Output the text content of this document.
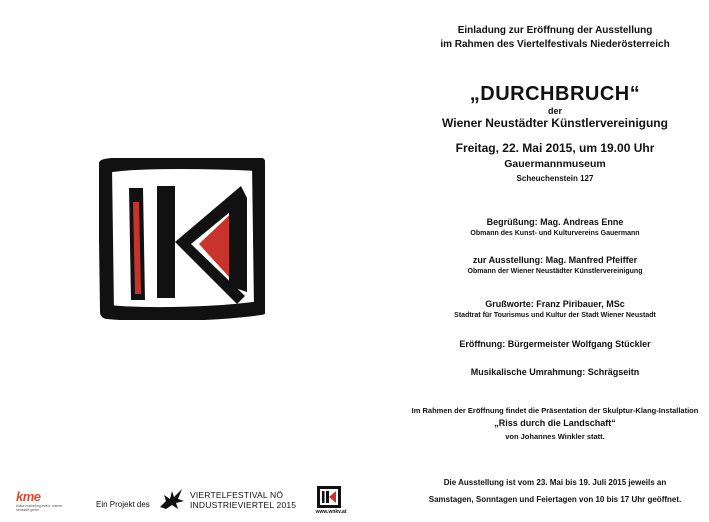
Einladung zur Eröffnung der Ausstellung
im Rahmen des Viertelfestivals Niederösterreich
„DURCHBRUCH“
der
Wiener Neustädter Künstlervereinigung
Freitag, 22. Mai 2015, um 19.00 Uhr
Gauermannmuseum
Scheuchenstein 127
Begrüßung: Mag. Andreas Enne
Obmann des Kunst- und Kulturvereins Gauermann
zur Ausstellung: Mag. Manfred Pfeiffer
Obmann der Wiener Neustädter Künstlervereinigung
Grußworte: Franz Piribauer, MSc
Stadtrat für Tourismus und Kultur der Stadt Wiener Neustadt
Eröffnung: Bürgermeister Wolfgang Stückler
Musikalische Umrahmung: Schrägseitn
Im Rahmen der Eröffnung findet die Präsentation der Skulptur-Klang-Installation
„Riss durch die Landschaft“
von Johannes Winkler statt.
Die Ausstellung ist vom 23. Mai bis 19. Juli 2015 jeweils an
Samstagen, Sonntagen und Feiertagen von 10 bis 17 Uhr geöffnet.
kme
kultur.marketing.event. wiener neustadt gmbh
Ein Projekt des
VIERTELFESTIVAL NÖ
INDUSTRIEVIERTEL 2015
www.wnkv.at
